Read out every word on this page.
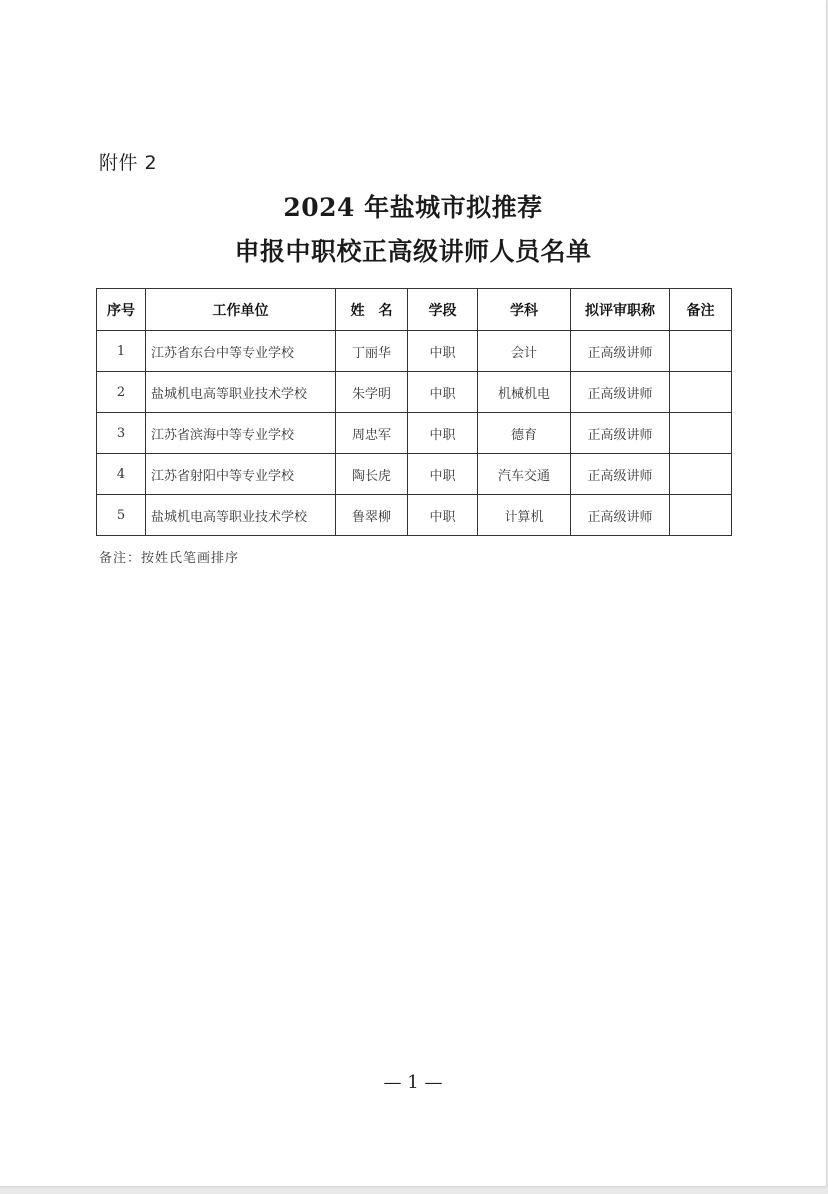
附件 2
2024 年盐城市拟推荐
申报中职校正高级讲师人员名单
序号	工作单位	姓　名	学段	学科	拟评审职称	备注
1	江苏省东台中等专业学校	丁丽华	中职	会计	正高级讲师	
2	盐城机电高等职业技术学校	朱学明	中职	机械机电	正高级讲师	
3	江苏省滨海中等专业学校	周忠军	中职	德育	正高级讲师	
4	江苏省射阳中等专业学校	陶长虎	中职	汽车交通	正高级讲师	
5	盐城机电高等职业技术学校	鲁翠柳	中职	计算机	正高级讲师	
备注：按姓氏笔画排序
— 1 —
